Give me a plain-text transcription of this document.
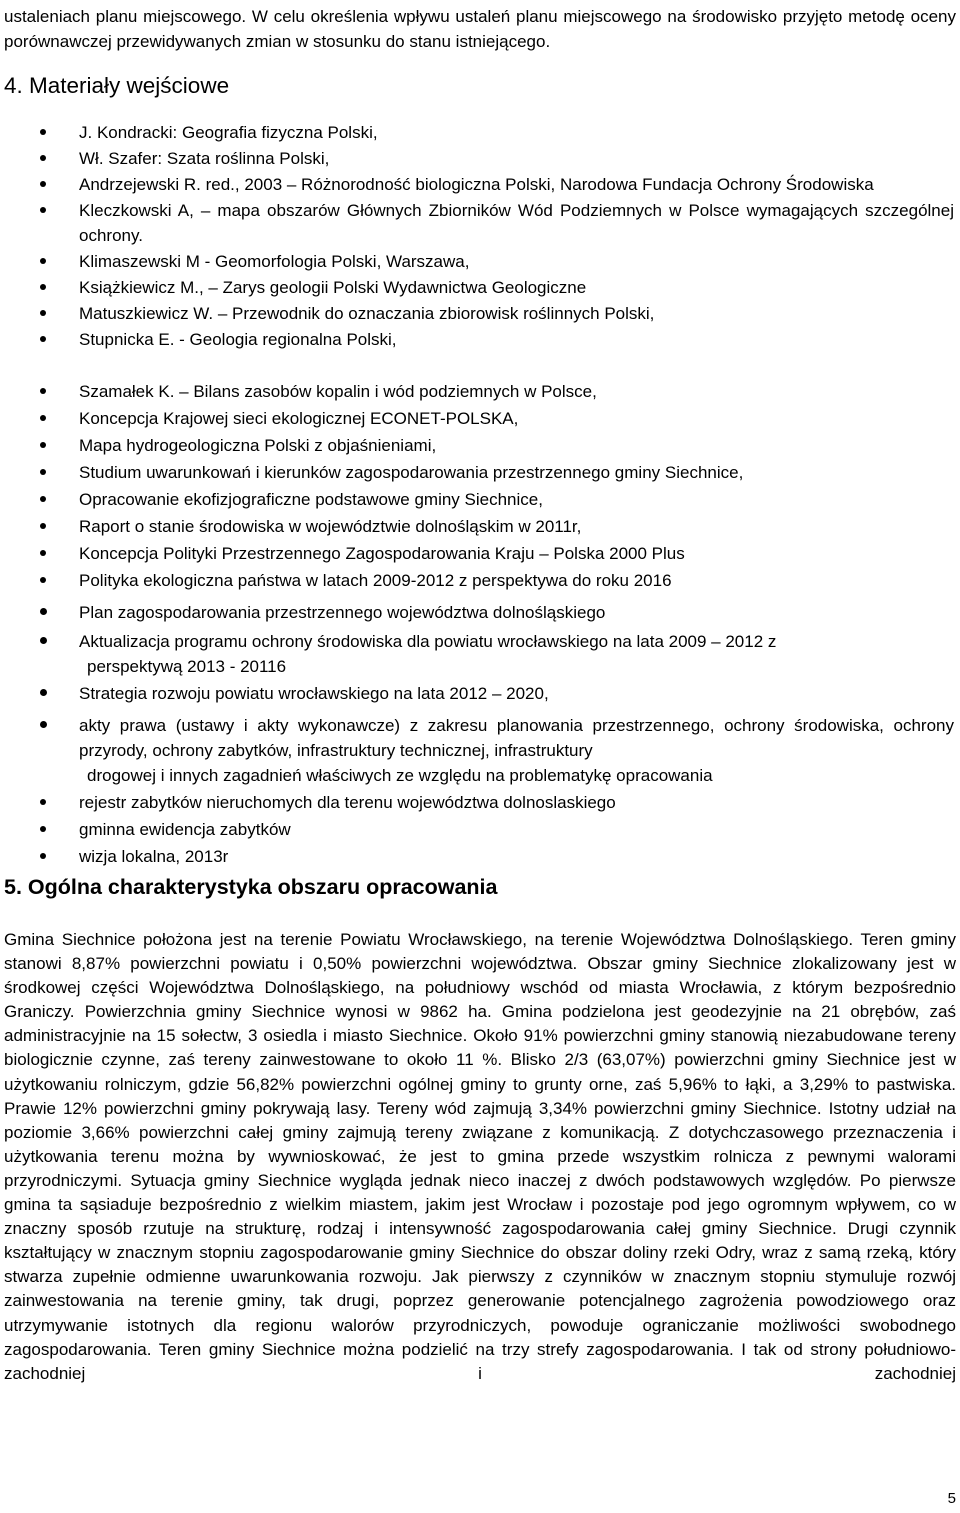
ustaleniach planu miejscowego. W celu określenia wpływu ustaleń planu miejscowego na środowisko przyjęto metodę oceny porównawczej przewidywanych zmian w stosunku do stanu istniejącego.

4. Materiały wejściowe
J. Kondracki: Geografia fizyczna Polski,
Wł. Szafer: Szata roślinna Polski,
Andrzejewski R. red., 2003 – Różnorodność biologiczna Polski, Narodowa Fundacja Ochrony Środowiska
Kleczkowski A, – mapa obszarów Głównych Zbiorników Wód Podziemnych w Polsce wymagających szczególnej ochrony.
Klimaszewski M - Geomorfologia Polski, Warszawa,
Książkiewicz M., – Zarys geologii Polski Wydawnictwa Geologiczne
Matuszkiewicz W. – Przewodnik do oznaczania zbiorowisk roślinnych Polski,
Stupnicka E. - Geologia regionalna Polski,
Szamałek K. – Bilans zasobów kopalin i wód podziemnych w Polsce,
Koncepcja Krajowej sieci ekologicznej ECONET-POLSKA,
Mapa hydrogeologiczna Polski z objaśnieniami,
Studium uwarunkowań i kierunków zagospodarowania przestrzennego gminy Siechnice,
Opracowanie ekofizjograficzne podstawowe gminy Siechnice,
Raport o stanie środowiska w województwie dolnośląskim w 2011r,
Koncepcja Polityki Przestrzennego Zagospodarowania Kraju – Polska 2000 Plus
Polityka ekologiczna państwa w latach 2009-2012 z perspektywa do roku 2016
Plan zagospodarowania przestrzennego województwa dolnośląskiego
Aktualizacja programu ochrony środowiska dla powiatu wrocławskiego na lata 2009 – 2012 z
perspektywą 2013 - 20116
Strategia rozwoju powiatu wrocławskiego na lata 2012 – 2020,
akty prawa (ustawy i akty wykonawcze) z zakresu planowania przestrzennego, ochrony środowiska, ochrony przyrody, ochrony zabytków, infrastruktury technicznej, infrastruktury
drogowej i innych zagadnień właściwych ze względu na problematykę opracowania
rejestr zabytków nieruchomych dla terenu województwa dolnoslaskiego
gminna ewidencja zabytków
wizja lokalna, 2013r
5. Ogólna charakterystyka obszaru opracowania

Gmina Siechnice położona jest na terenie Powiatu Wrocławskiego, na terenie Województwa Dolnośląskiego. Teren gminy stanowi 8,87% powierzchni powiatu i 0,50% powierzchni województwa. Obszar gminy Siechnice zlokalizowany jest w środkowej części Województwa Dolnośląskiego, na południowy wschód od miasta Wrocławia, z którym bezpośrednio Graniczy. Powierzchnia gminy Siechnice wynosi w 9862 ha. Gmina podzielona jest geodezyjnie na 21 obrębów, zaś administracyjnie na 15 sołectw, 3 osiedla i miasto Siechnice. Około 91% powierzchni gminy stanowią niezabudowane tereny biologicznie czynne, zaś tereny zainwestowane to około 11 %. Blisko 2/3 (63,07%) powierzchni gminy Siechnice jest w użytkowaniu rolniczym, gdzie 56,82% powierzchni ogólnej gminy to grunty orne, zaś 5,96% to łąki, a 3,29% to pastwiska. Prawie 12% powierzchni gminy pokrywają lasy. Tereny wód zajmują 3,34% powierzchni gminy Siechnice. Istotny udział na poziomie 3,66% powierzchni całej gminy zajmują tereny związane z komunikacją. Z dotychczasowego przeznaczenia i użytkowania terenu można by wywnioskować, że jest to gmina przede wszystkim rolnicza z pewnymi walorami przyrodniczymi. Sytuacja gminy Siechnice wygląda jednak nieco inaczej z dwóch podstawowych względów. Po pierwsze gmina ta sąsiaduje bezpośrednio z wielkim miastem, jakim jest Wrocław i pozostaje pod jego ogromnym wpływem, co w znaczny sposób rzutuje na strukturę, rodzaj i intensywność zagospodarowania całej gminy Siechnice. Drugi czynnik kształtujący w znacznym stopniu zagospodarowanie gminy Siechnice do obszar doliny rzeki Odry, wraz z samą rzeką, który stwarza zupełnie odmienne uwarunkowania rozwoju. Jak pierwszy z czynników w znacznym stopniu stymuluje rozwój zainwestowania na terenie gminy, tak drugi, poprzez generowanie potencjalnego zagrożenia powodziowego oraz utrzymywanie istotnych dla regionu walorów przyrodniczych, powoduje ograniczanie możliwości swobodnego zagospodarowania. Teren gminy Siechnice można podzielić na trzy strefy zagospodarowania. I tak od strony południowo-zachodniej i zachodniej

5
